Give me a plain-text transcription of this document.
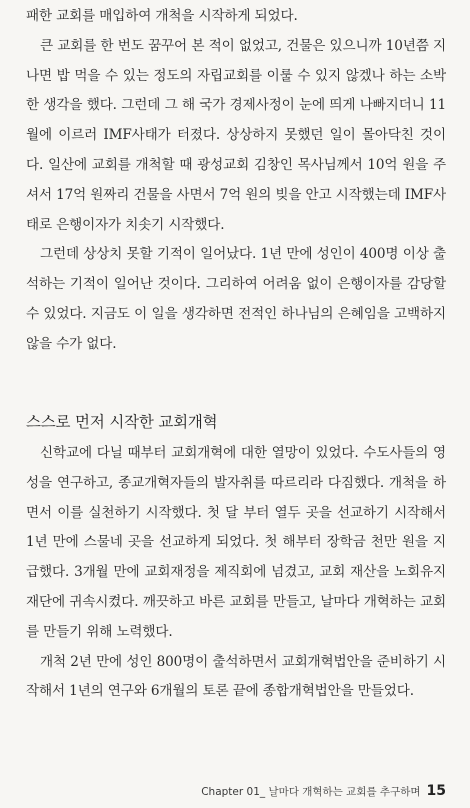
패한 교회를 매입하여 개척을 시작하게 되었다.

큰 교회를 한 번도 꿈꾸어 본 적이 없었고, 건물은 있으니까 10년쯤 지나면 밥 먹을 수 있는 정도의 자립교회를 이룰 수 있지 않겠나 하는 소박한 생각을 했다. 그런데 그 해 국가 경제사정이 눈에 띄게 나빠지더니 11월에 이르러 IMF사태가 터졌다. 상상하지 못했던 일이 몰아닥친 것이다. 일산에 교회를 개척할 때 광성교회 김창인 목사님께서 10억 원을 주셔서 17억 원짜리 건물을 사면서 7억 원의 빚을 안고 시작했는데 IMF사태로 은행이자가 치솟기 시작했다.

그런데 상상치 못할 기적이 일어났다. 1년 만에 성인이 400명 이상 출석하는 기적이 일어난 것이다. 그리하여 어려움 없이 은행이자를 감당할 수 있었다. 지금도 이 일을 생각하면 전적인 하나님의 은혜임을 고백하지 않을 수가 없다.

스스로 먼저 시작한 교회개혁

신학교에 다닐 때부터 교회개혁에 대한 열망이 있었다. 수도사들의 영성을 연구하고, 종교개혁자들의 발자취를 따르리라 다짐했다. 개척을 하면서 이를 실천하기 시작했다. 첫 달 부터 열두 곳을 선교하기 시작해서 1년 만에 스물네 곳을 선교하게 되었다. 첫 해부터 장학금 천만 원을 지급했다. 3개월 만에 교회재정을 제직회에 넘겼고, 교회 재산을 노회유지재단에 귀속시켰다. 깨끗하고 바른 교회를 만들고, 날마다 개혁하는 교회를 만들기 위해 노력했다.

개척 2년 만에 성인 800명이 출석하면서 교회개혁법안을 준비하기 시작해서 1년의 연구와 6개월의 토론 끝에 종합개혁법안을 만들었다.

Chapter 01_ 날마다 개혁하는 교회를 추구하며 15
